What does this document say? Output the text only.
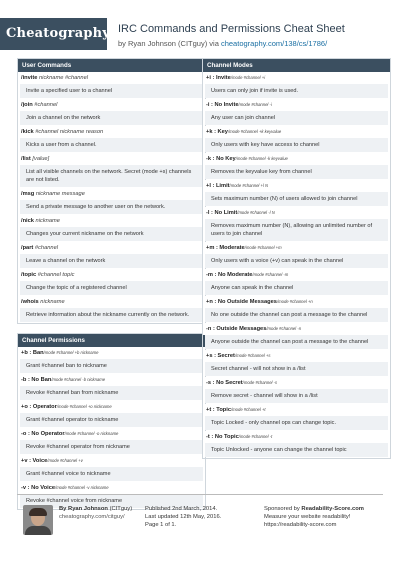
Cheatography IRC Commands and Permissions Cheat Sheet
by Ryan Johnson (CITguy) via cheatography.com/138/cs/1786/
User Commands
/invite nickname #channel
Invite a specified user to a channel
/join #channel
Join a channel on the network
/kick #channel nickname reason
Kicks a user from a channel.
/list [value]
List all visible channels on the network. Secret (mode +s) channels are not listed.
/msg nickname message
Send a private message to another user on the network.
/nick nickname
Changes your current nickname on the network
/part #channel
Leave a channel on the network
/topic #channel topic
Change the topic of a registered channel
/whois nickname
Retrieve information about the nickname currently on the network.
Channel Permissions
+b : Ban$^{/mode \#channel +b nickname}$
Grant #channel ban to nickname
-b : No Ban$^{/mode \#channel -b nickname}$
Revoke #channel ban from nickname
+o : Operator$^{/mode \#channel +o nickname}$
Grant #channel operator to nickname
-o : No Operator$^{/mode \#channel -o nickname}$
Revoke #channel operator from nickname
+v : Voice$^{/mode \#channel +v}$
Grant #channel voice to nickname
-v : No Voice$^{/mode \#channel -v nickname}$
Revoke #channel voice from nickname
Channel Modes
+i : Invite$^{/mode \#channel +i}$
Users can only join if invite is used.
-i : No Invite$^{/mode \#channel -i}$
Any user can join channel
+k : Key$^{/mode \#channel +k keyvalue}$
Only users with key have access to channel
-k : No Key$^{/mode \#channel -k keyvalue}$
Removes the keyvalue key from channel
+l : Limit$^{/mode \#channel +l N}$
Sets maximum number (N) of users allowed to join channel
-l : No Limit$^{/mode \#channel -l N}$
Removes maximum number (N), allowing an unlimited number of users to join channel
+m : Moderate$^{/mode \#channel +m}$
Only users with a voice (+v) can speak in the channel
-m : No Moderate$^{/mode \#channel -m}$
Anyone can speak in the channel
+n : No Outside Messages$^{/mode \#channel +n}$
No one outside the channel can post a message to the channel
-n : Outside Messages$^{/mode \#channel -n}$
Anyone outside the channel can post a message to the channel
+s : Secret$^{/mode \#channel +s}$
Secret channel - will not show in a /list
-s : No Secret$^{/mode \#channel -s}$
Remove secret - channel will show in a /list
+t : Topic$^{/mode \#channel +t}$
Topic Locked - only channel ops can change topic.
-t : No Topic$^{/mode \#channel -t}$
Topic Unlocked - anyone can change the channel topic
By Ryan Johnson (CITguy)
cheatography.com/citguy/
Published 2nd March, 2014.
Last updated 12th May, 2016.
Page 1 of 1.
Sponsored by Readability-Score.com
Measure your website readability!
https://readability-score.com
